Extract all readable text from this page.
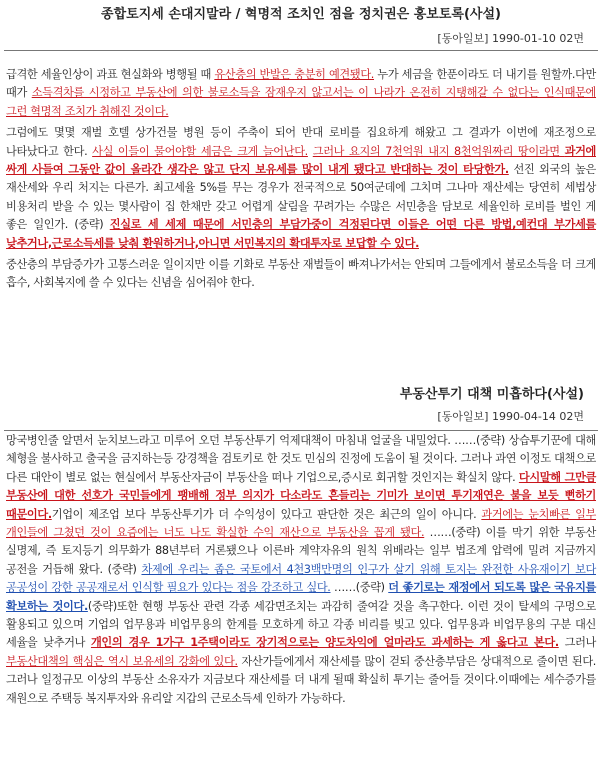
종합토지세 손대지말라 / 혁명적 조치인 점을 정치권은 홍보토록(사설)
[동아일보] 1990-01-10 02면

급격한 세율인상이 과표 현실화와 병행될 때 유산층의 반발은 충분히 예견됐다. 누가 세금을 한푼이라도 더 내기를 원할까.다만 때가 소득격차를 시정하고 부동산에 의한 불로소득을 잠재우지 않고서는 이 나라가 온전히 지탱해갈 수 없다는 인식때문에 그런 혁명적 조치가 취해진 것이다.

그럼에도 몇몇 재벌 호텔 상가건물 병원 등이 주축이 되어 반대 로비를 집요하게 해왔고 그 결과가 이번에 재조정으로 나타났다고 한다. 사실 이들이 물어야할 세금은 크게 늘어난다. 그러나 요지의 7천억원 내지 8천억원짜리 땅이라면 과거에 싸게 사들여 그동안 값이 올라간 생각은 않고 단지 보유세를 많이 내게 됐다고 반대하는 것이 타당한가. 선진 외국의 높은 재산세와 우리 처지는 다른가. 최고세율 5%를 무는 경우가 전국적으로 50여군데에 그치며 그나마 재산세는 당연히 세법상 비용처리 받을 수 있는 몇사람이 집 한채만 갖고 어렵게 살림을 꾸려가는 수많은 서민층을 담보로 세율인하 로비를 벌인 게 좋은 일인가. (중략) 진실로 세 세제 때문에 서민층의 부담가중이 걱정된다면 이들은 어떤 다른 방법,예컨대 부가세를 낮추거나,근로소득세를 낮춰 환원하거나,아니면 서민복지의 확대투자로 보답할 수 있다.

중산층의 부담증가가 고통스러운 일이지만 이를 기화로 부동산 재벌들이 빠져나가서는 안되며 그들에게서 불로소득을 더 크게 흡수, 사회복지에 쓸 수 있다는 신념을 심어줘야 한다.

부동산투기 대책 미흡하다(사설)
[동아일보] 1990-04-14 02면

망국병인줄 알면서 눈치보느라고 미루어 오던 부동산투기 억제대책이 마침내 얼굴을 내밀었다. ……(중략) 상습투기꾼에 대해 체형을 불사하고 출국을 금지하는등 강경책을 검토키로 한 것도 민심의 진정에 도움이 될 것이다. 그러나 과연 이정도 대책으로 다른 대안이 별로 없는 현실에서 부동산자금이 부동산을 떠나 기업으로,증시로 회귀할 것인지는 확실치 않다. 다시말해 그만큼 부동산에 대한 선호가 국민들에게 팽배해 정부 의지가 다소라도 흔들리는 기미가 보이면 투기재연은 불을 보듯 뻔하기 때문이다.기업이 제조업 보다 부동산투기가 더 수익성이 있다고 판단한 것은 최근의 일이 아니다. 과거에는 눈치빠른 일부 개인들에 그쳤던 것이 요즘에는 너도 나도 확실한 수익 재산으로 부동산을 꼽게 됐다. ……(중략) 이를 막기 위한 부동산 실명제, 즉 토지등기 의무화가 88년부터 거론됐으나 이른바 계약자유의 원칙 위배라는 일부 법조계 압력에 밀려 지금까지 공전을 거듭해 왔다. (중략) 차제에 우리는 좁은 국토에서 4천3백만명의 인구가 살기 위해 토지는 완전한 사유재이기 보다 공공성이 강한 공공재로서 인식할 필요가 있다는 점을 강조하고 싶다. ……(중략) 더 좋기로는 재정에서 되도록 많은 국유지를 확보하는 것이다.(중략)또한 현행 부동산 관련 각종 세감면조치는 과감히 줄여갈 것을 촉구한다. 이런 것이 탈세의 구멍으로 활용되고 있으며 기업의 업무용과 비업무용의 한계를 모호하게 하고 각종 비리를 빚고 있다. 업무용과 비업무용의 구분 대신 세율을 낮추거나 개인의 경우 1가구 1주택이라도 장기적으로는 양도차익에 얼마라도 과세하는 게 옳다고 본다. 그러나 부동산대책의 핵심은 역시 보유세의 강화에 있다. 자산가들에게서 재산세를 많이 걷되 중산층부담은 상대적으로 줄이면 된다. 그러나 일정규모 이상의 부동산 소유자가 지금보다 재산세를 더 내게 될때 확실히 투기는 줄어들 것이다.이때에는 세수증가를 재원으로 주택등 복지투자와 유리알 지갑의 근로소득세 인하가 가능하다.
